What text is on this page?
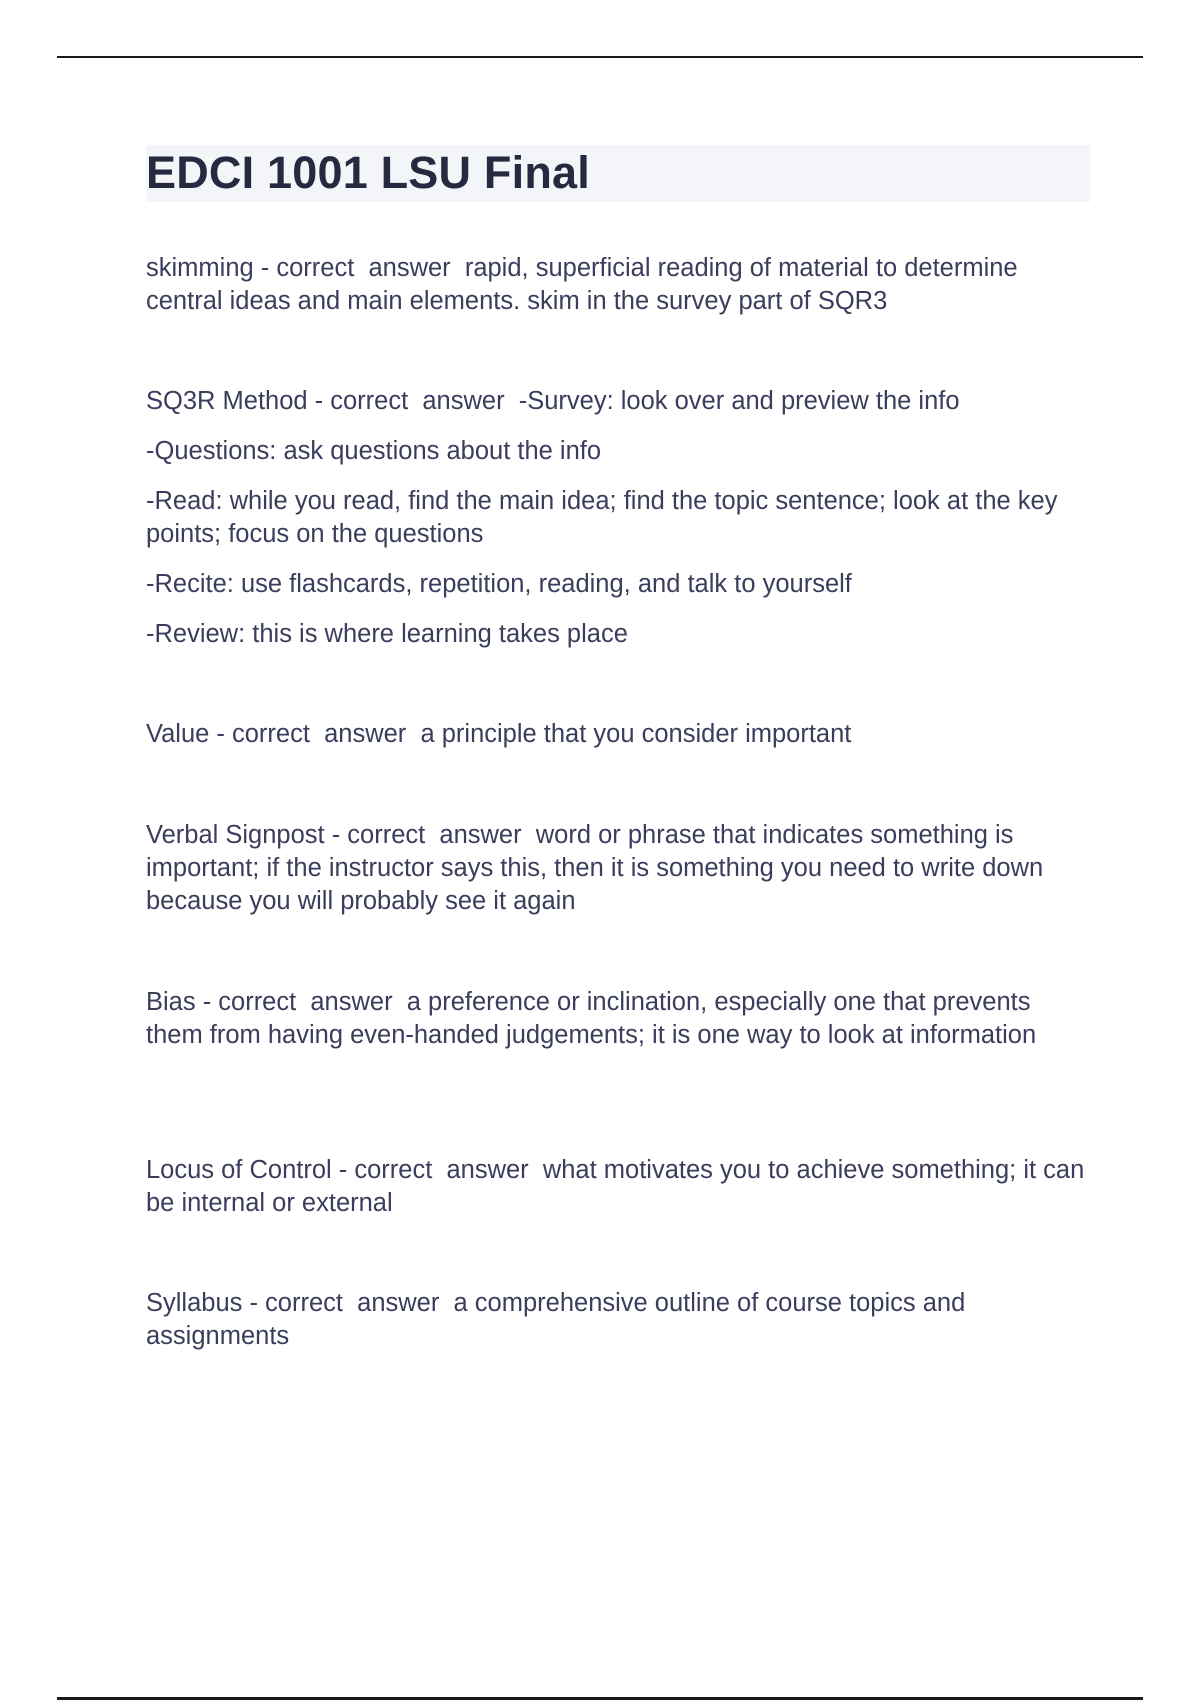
EDCI 1001 LSU Final

skimming - correct  answer  rapid, superficial reading of material to determine central ideas and main elements. skim in the survey part of SQR3

SQ3R Method - correct  answer  -Survey: look over and preview the info

-Questions: ask questions about the info

-Read: while you read, find the main idea; find the topic sentence; look at the key points; focus on the questions

-Recite: use flashcards, repetition, reading, and talk to yourself

-Review: this is where learning takes place

Value - correct  answer  a principle that you consider important

Verbal Signpost - correct  answer  word or phrase that indicates something is important; if the instructor says this, then it is something you need to write down because you will probably see it again

Bias - correct  answer  a preference or inclination, especially one that prevents them from having even-handed judgements; it is one way to look at information

Locus of Control - correct  answer  what motivates you to achieve something; it can be internal or external

Syllabus - correct  answer  a comprehensive outline of course topics and assignments
